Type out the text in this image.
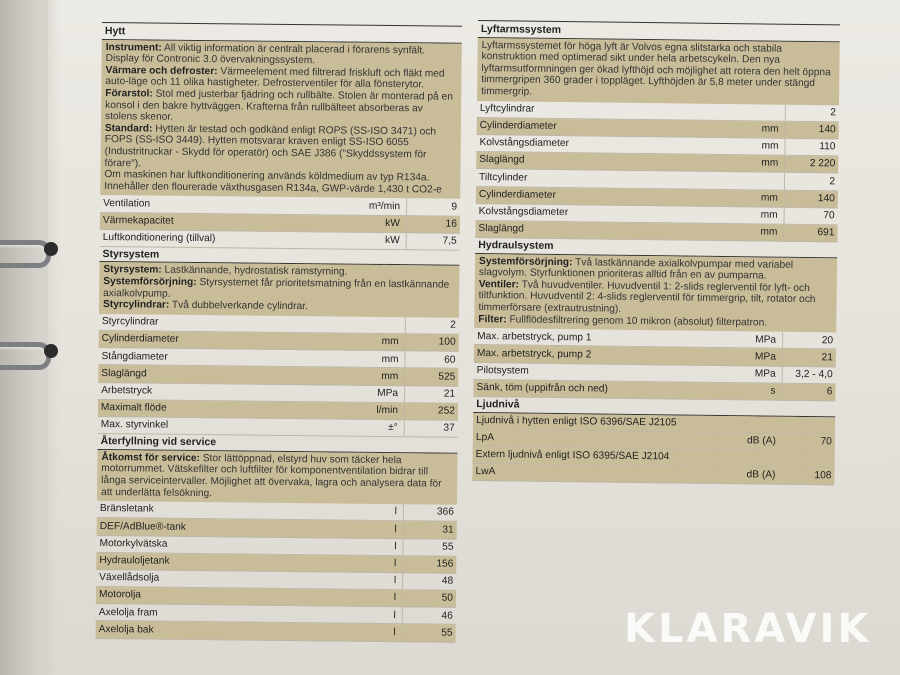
Hytt
Instrument: All viktig information är centralt placerad i förarens synfält. Display för Contronic 3.0 övervakningssystem.
Värmare och defroster: Värmeelement med filtrerad friskluft och fläkt med auto-läge och 11 olika hastigheter. Defrosterventiler för alla fönsterytor.
Förarstol: Stol med justerbar fjädring och rullbälte. Stolen är monterad på en konsol i den bakre hyttväggen. Krafterna från rullbälteet absorberas av stolens skenor.
Standard: Hytten är testad och godkänd enligt ROPS (SS-ISO 3471) och FOPS (SS-ISO 3449). Hytten motsvarar kraven enligt SS-ISO 6055 (Industritruckar - Skydd för operatör) och SAE J386 ("Skyddssystem för förare").
Om maskinen har luftkonditionering används köldmedium av typ R134a. Innehåller den flourerade växthusgasen R134a, GWP-värde 1,430 t CO2-e
Ventilation	m³/min	9
Värmekapacitet	kW	16
Luftkonditionering (tillval)	kW	7,5
Styrsystem
Styrsystem: Lastkännande, hydrostatisk ramstyrning.
Systemförsörjning: Styrsystemet får prioritetsmatning från en lastkännande axialkolvpump.
Styrcylindrar: Två dubbelverkande cylindrar.
Styrcylindrar	2
Cylinderdiameter	mm	100
Stångdiameter	mm	60
Slaglängd	mm	525
Arbetstryck	MPa	21
Maximalt flöde	l/min	252
Max. styrvinkel	±°	37
Återfyllning vid service
Åtkomst för service: Stor lättöppnad, elstyrd huv som täcker hela motorrummet. Vätskefilter och luftfilter för komponentventilation bidrar till långa serviceintervaller. Möjlighet att övervaka, lagra och analysera data för att underlätta felsökning.
Bränsletank	l	366
DEF/AdBlue®-tank	l	31
Motorkylvätska	l	55
Hydrauloljetank	l	156
Växellådsolja	l	48
Motorolja	l	50
Axelolja fram	l	46
Axelolja bak	l	55
Lyftarmssystem
Lyftarmssystemet för höga lyft är Volvos egna slitstarka och stabila konstruktion med optimerad sikt under hela arbetscykeln. Den nya lyftarmsutformningen ger ökad lyfthöjd och möjlighet att rotera den helt öppna timmergripen 360 grader i toppläget. Lyfthöjden är 5,8 meter under stängd timmergrip.
Lyftcylindrar	2
Cylinderdiameter	mm	140
Kolvstångsdiameter	mm	110
Slaglängd	mm	2 220
Tiltcylinder	2
Cylinderdiameter	mm	140
Kolvstångsdiameter	mm	70
Slaglängd	mm	691
Hydraulsystem
Systemförsörjning: Två lastkännande axialkolvpumpar med variabel slagvolym. Styrfunktionen prioriteras alltid från en av pumparna.
Ventiler: Två huvudventiler. Huvudventil 1: 2-slids reglerventil för lyft- och tiltfunktion. Huvudventil 2: 4-slids reglerventil för timmergrip, tilt, rotator och timmerförsare (extrautrustning).
Filter: Fullflödesfiltrering genom 10 mikron (absolut) filterpatron.
Max. arbetstryck, pump 1	MPa	20
Max. arbetstryck, pump 2	MPa	21
Pilotsystem	MPa	3,2 - 4,0
Sänk, töm (uppifrån och ned)	s	6
Ljudnivå
Ljudnivå i hytten enligt ISO 6396/SAE J2105
LpA	dB (A)	70
Extern ljudnivå enligt ISO 6395/SAE J2104
LwA	dB (A)	108
KLARAVIK
